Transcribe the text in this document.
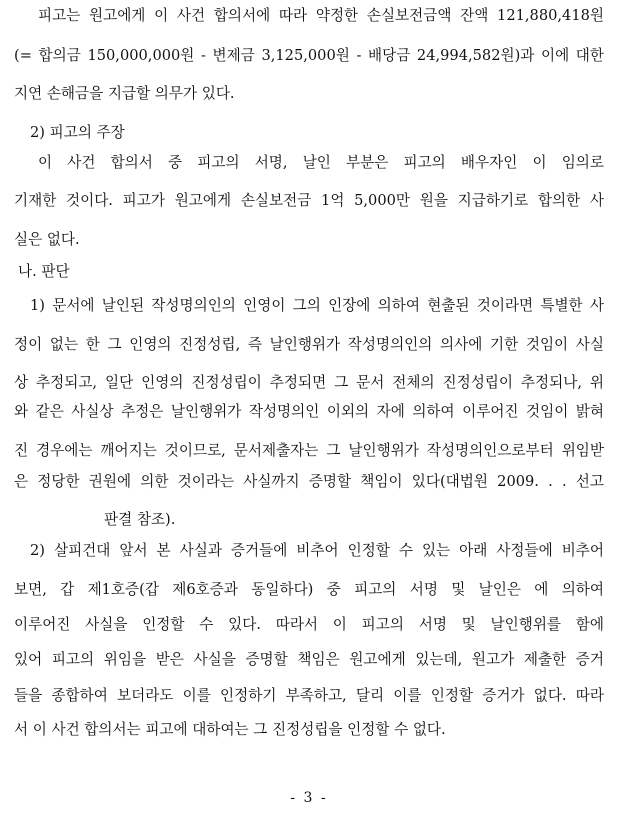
피고는 원고에게 이 사건 합의서에 따라 약정한 손실보전금액 잔액 121,880,418원
(= 합의금 150,000,000원 - 변제금 3,125,000원 - 배당금 24,994,582원)과 이에 대한
지연 손해금을 지급할 의무가 있다.
2) 피고의 주장
이 사건 합의서 중 피고의 서명, 날인 부분은 피고의 배우자인 이 임의로
기재한 것이다. 피고가 원고에게 손실보전금 1억 5,000만 원을 지급하기로 합의한 사
실은 없다.
나. 판단
1) 문서에 날인된 작성명의인의 인영이 그의 인장에 의하여 현출된 것이라면 특별한 사
정이 없는 한 그 인영의 진정성립, 즉 날인행위가 작성명의인의 의사에 기한 것임이 사실
상 추정되고, 일단 인영의 진정성립이 추정되면 그 문서 전체의 진정성립이 추정되나, 위
와 같은 사실상 추정은 날인행위가 작성명의인 이외의 자에 의하여 이루어진 것임이 밝혀
진 경우에는 깨어지는 것이므로, 문서제출자는 그 날인행위가 작성명의인으로부터 위임받
은 정당한 권원에 의한 것이라는 사실까지 증명할 책임이 있다(대법원 2009. . . 선고
판결 참조).
2) 살피건대 앞서 본 사실과 증거들에 비추어 인정할 수 있는 아래 사정들에 비추어
보면, 갑 제1호증(갑 제6호증과 동일하다) 중 피고의 서명 및 날인은 에 의하여
이루어진 사실을 인정할 수 있다. 따라서 이 피고의 서명 및 날인행위를 함에
있어 피고의 위임을 받은 사실을 증명할 책임은 원고에게 있는데, 원고가 제출한 증거
들을 종합하여 보더라도 이를 인정하기 부족하고, 달리 이를 인정할 증거가 없다. 따라
서 이 사건 합의서는 피고에 대하여는 그 진정성립을 인정할 수 없다.
- 3 -
